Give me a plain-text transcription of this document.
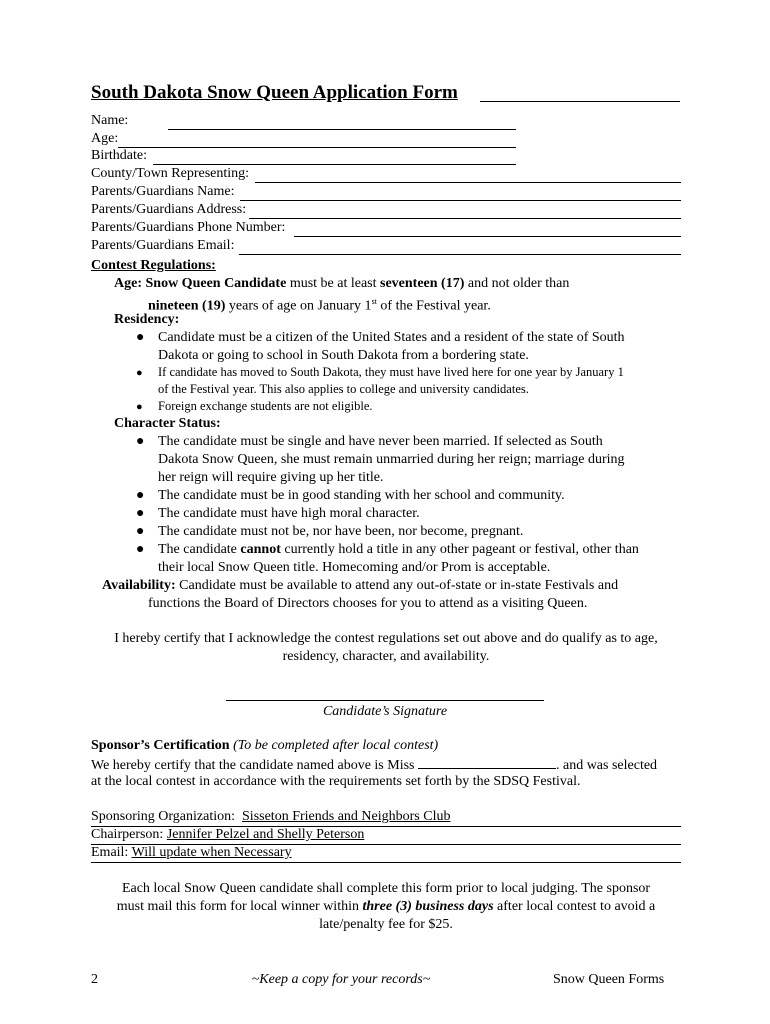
South Dakota Snow Queen Application Form
Name:
Age:
Birthdate:
County/Town Representing:
Parents/Guardians Name:
Parents/Guardians Address:
Parents/Guardians Phone Number:
Parents/Guardians Email:
Contest Regulations:
Age: Snow Queen Candidate must be at least seventeen (17) and not older than
nineteen (19) years of age on January 1st of the Festival year.
Residency:
● Candidate must be a citizen of the United States and a resident of the state of South
Dakota or going to school in South Dakota from a bordering state.
● If candidate has moved to South Dakota, they must have lived here for one year by January 1
of the Festival year. This also applies to college and university candidates.
● Foreign exchange students are not eligible.
Character Status:
● The candidate must be single and have never been married. If selected as South
Dakota Snow Queen, she must remain unmarried during her reign; marriage during
her reign will require giving up her title.
● The candidate must be in good standing with her school and community.
● The candidate must have high moral character.
● The candidate must not be, nor have been, nor become, pregnant.
● The candidate cannot currently hold a title in any other pageant or festival, other than
their local Snow Queen title. Homecoming and/or Prom is acceptable.
Availability: Candidate must be available to attend any out-of-state or in-state Festivals and
functions the Board of Directors chooses for you to attend as a visiting Queen.
I hereby certify that I acknowledge the contest regulations set out above and do qualify as to age,
residency, character, and availability.
Candidate’s Signature
Sponsor’s Certification (To be completed after local contest)
We hereby certify that the candidate named above is Miss	. and was selected
at the local contest in accordance with the requirements set forth by the SDSQ Festival.
Sponsoring Organization: Sisseton Friends and Neighbors Club
Chairperson: Jennifer Pelzel and Shelly Peterson
Email: Will update when Necessary
Each local Snow Queen candidate shall complete this form prior to local judging. The sponsor
must mail this form for local winner within three (3) business days after local contest to avoid a
late/penalty fee for $25.
2	~Keep a copy for your records~	Snow Queen Forms
